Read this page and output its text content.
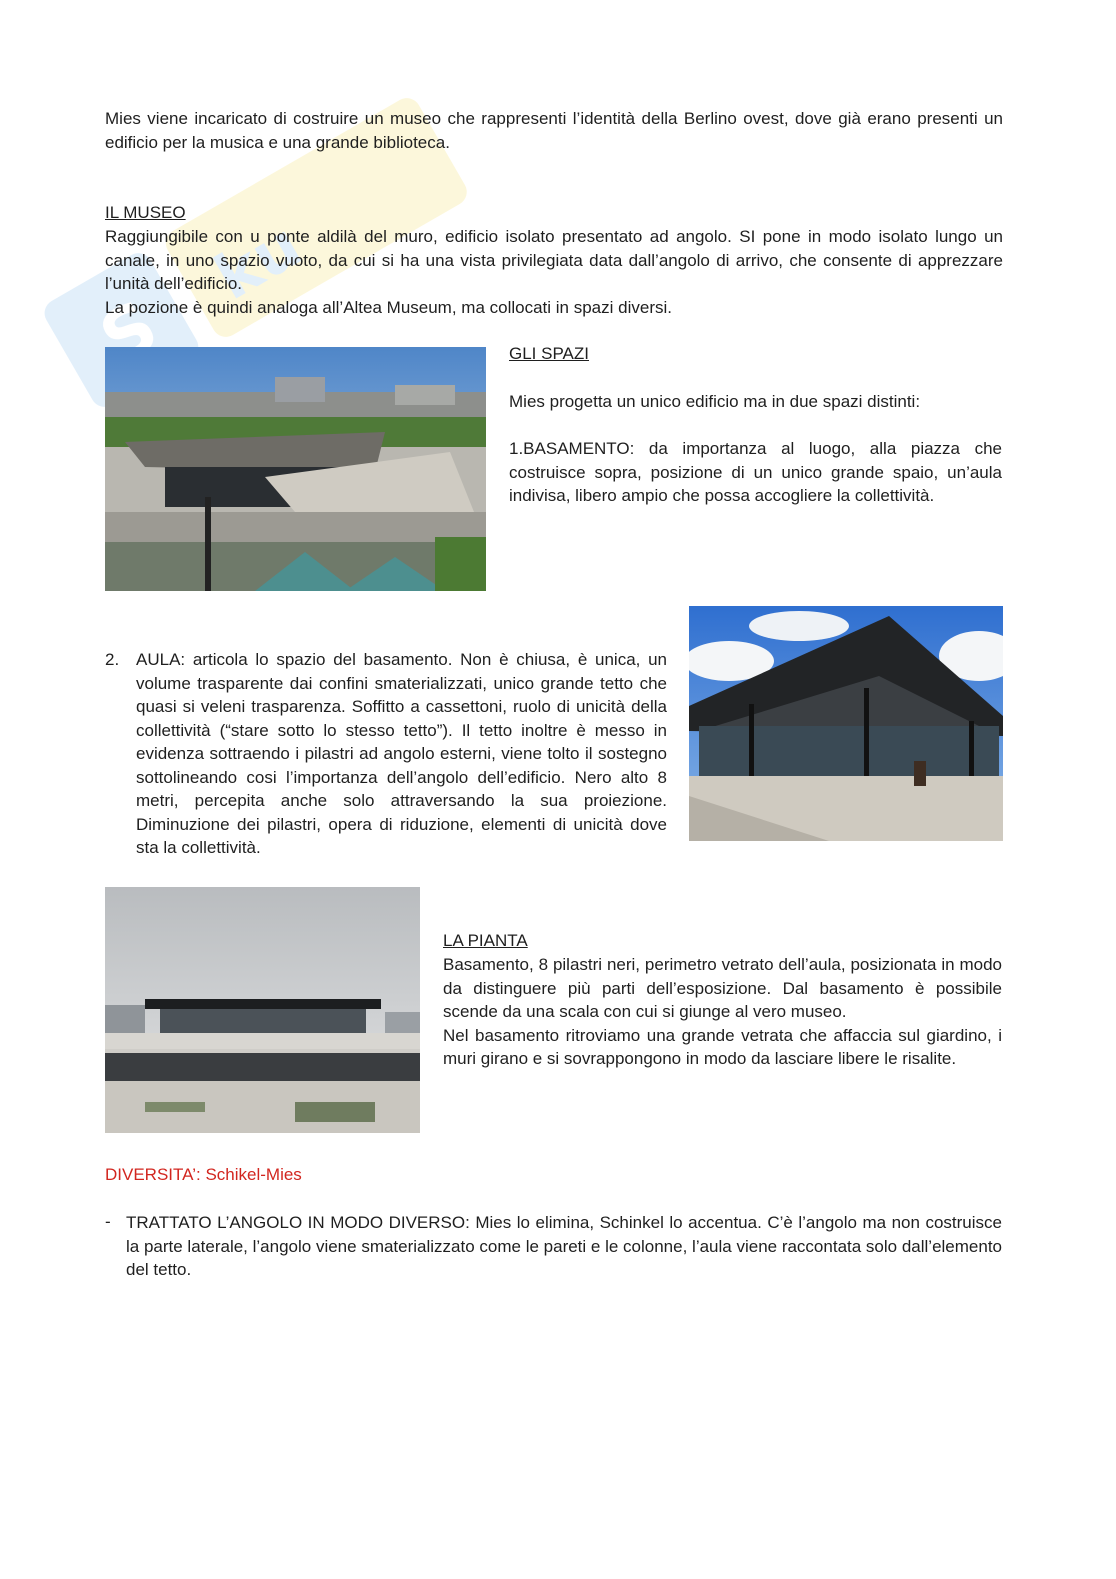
S
ku

Mies viene incaricato di costruire un museo che rappresenti l’identità della Berlino ovest, dove già erano presenti un edificio per la musica e una grande biblioteca.

IL MUSEO

Raggiungibile con u ponte aldilà del muro, edificio isolato presentato ad angolo. SI pone in modo isolato lungo un canale, in uno spazio vuoto, da cui si ha una vista privilegiata data dall’angolo di arrivo, che consente di apprezzare l’unità dell’edificio.

La pozione è quindi analoga all’Altea Museum, ma collocati in spazi diversi.

GLI SPAZI
Mies progetta un unico edificio ma in due spazi distinti:
1.BASAMENTO: da importanza al luogo, alla piazza che costruisce sopra, posizione di un unico grande spaio, un’aula indivisa, libero ampio che possa accogliere la collettività.
2. AULA: articola lo spazio del basamento. Non è chiusa, è unica, un volume trasparente dai confini smaterializzati, unico grande tetto che quasi si veleni trasparenza. Soffitto a cassettoni, ruolo di unicità della collettività (“stare sotto lo stesso tetto”). Il tetto inoltre è messo in evidenza sottraendo i pilastri ad angolo esterni, viene tolto il sostegno sottolineando cosi l’importanza dell’angolo dell’edificio. Nero alto 8 metri, percepita anche solo attraversando la sua proiezione. Diminuzione dei pilastri, opera di riduzione, elementi di unicità dove sta la collettività.
LA PIANTA

Basamento, 8 pilastri neri, perimetro vetrato dell’aula, posizionata in modo da distinguere più parti dell’esposizione. Dal basamento è possibile scende da una scala con cui si giunge al vero museo.

Nel basamento ritroviamo una grande vetrata che affaccia sul giardino, i muri girano e si sovrappongono in modo da lasciare libere le risalite.

DIVERSITA’: Schikel-Mies
- TRATTATO L’ANGOLO IN MODO DIVERSO: Mies lo elimina, Schinkel lo accentua. C’è l’angolo ma non costruisce la parte laterale, l’angolo viene smaterializzato come le pareti e le colonne, l’aula viene raccontata solo dall’elemento del tetto.
